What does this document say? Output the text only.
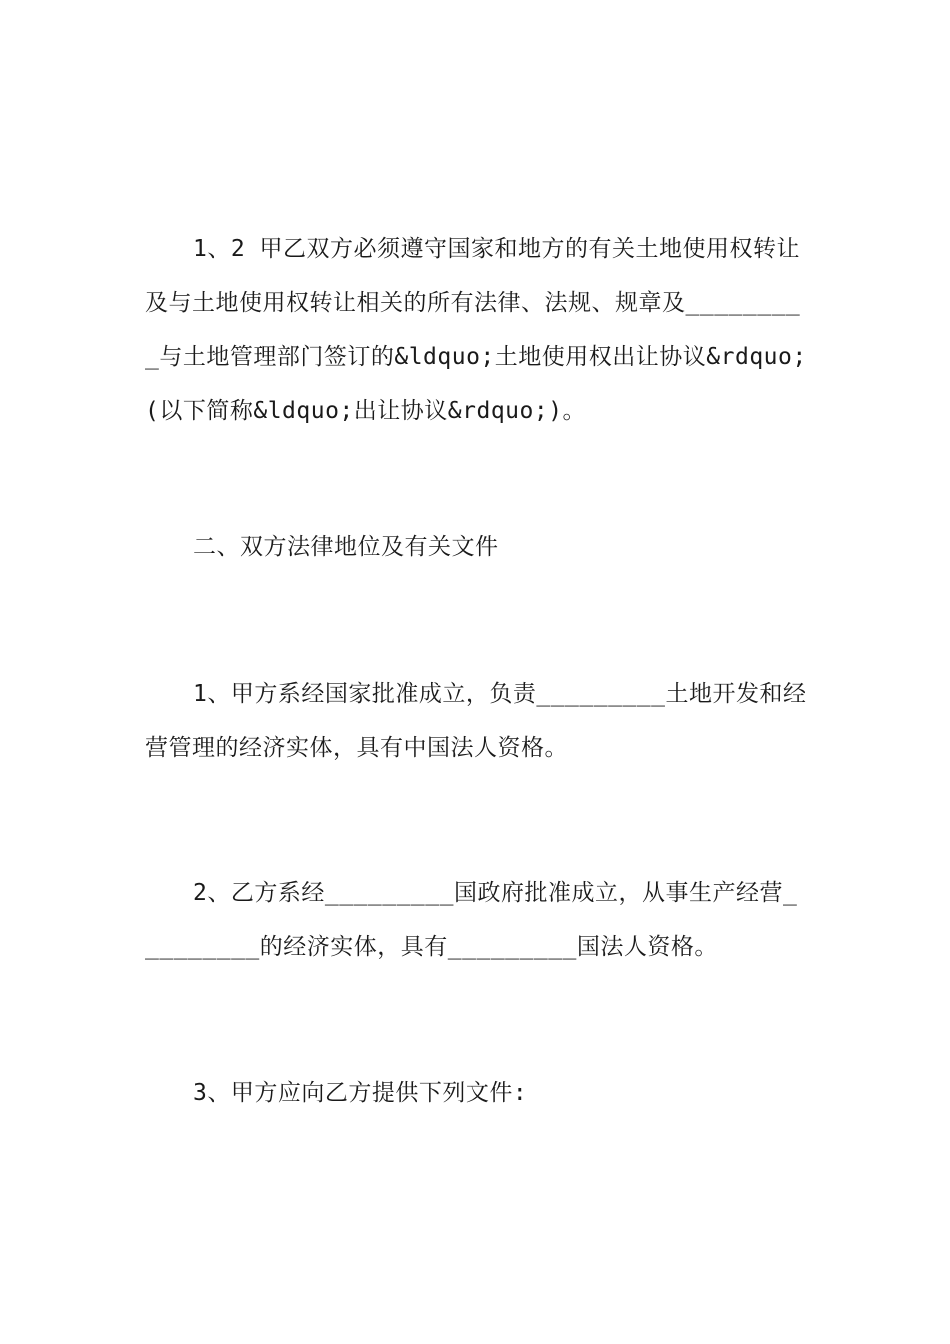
1、2 甲乙双方必须遵守国家和地方的有关土地使用权转让及与土地使用权转让相关的所有法律、法规、规章及_________与土地管理部门签订的&ldquo;土地使用权出让协议&rdquo;(以下简称&ldquo;出让协议&rdquo;)。

二、双方法律地位及有关文件

1、甲方系经国家批准成立，负责_________土地开发和经营管理的经济实体，具有中国法人资格。

2、乙方系经_________国政府批准成立，从事生产经营_________的经济实体，具有_________国法人资格。

3、甲方应向乙方提供下列文件:
